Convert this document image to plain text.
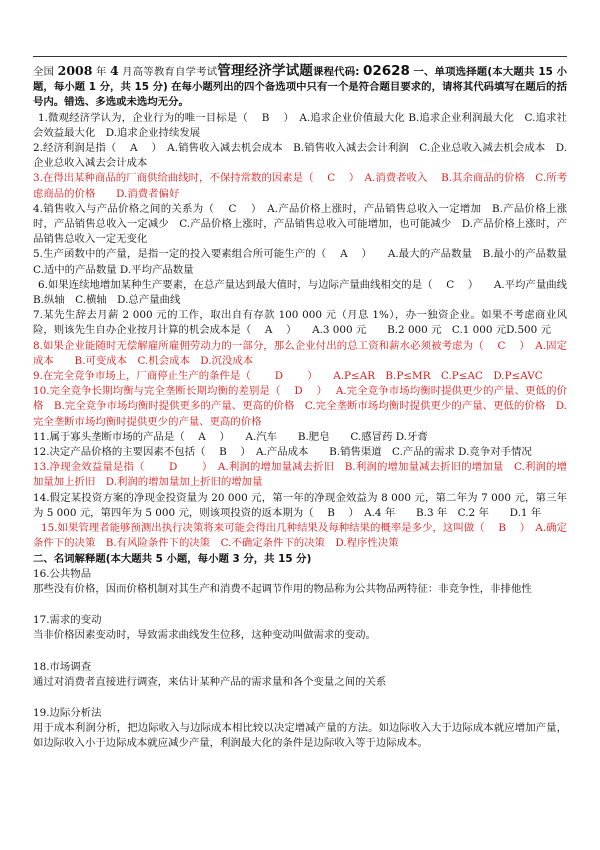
全国 2008 年 4 月高等教育自学考试管理经济学试题课程代码: 02628 一、单项选择题(本大题共 15 小题，每小题 1 分，共 15 分) 在每小题列出的四个备选项中只有一个是符合题目要求的，请将其代码填写在题后的括号内。错选、多选或未选均无分。

1.微观经济学认为，企业行为的唯一目标是（　 B　 ）　A.追求企业价值最大化 B.追求企业利润最大化　C.追求社会效益最大化　D.追求企业持续发展

2.经济利润是指（　 A　 ）　A.销售收入减去机会成本　B.销售收入减去会计利润　C.企业总收入减去机会成本　D.企业总收入减去会计成本

3.在得出某种商品的厂商供给曲线时，不保持常数的因素是（　 C　 ）　A.消费者收入　 B.其余商品的价格　C.所考虑商品的价格　　D.消费者偏好

4.销售收入与产品价格之间的关系为（　 C　 ）　A.产品价格上涨时，产品销售总收入一定增加　B.产品价格上涨时，产品销售总收入一定减少　C.产品价格上涨时，产品销售总收入可能增加，也可能减少　D.产品价格上涨时，产品销售总收入一定无变化

5.生产函数中的产量，是指一定的投入要素组合所可能生产的（　 A　 ）　　A.最大的产品数量　B.最小的产品数量　C.适中的产品数量 D.平均产品数量

6.如果连续地增加某种生产要素，在总产量达到最大值时，与边际产量曲线相交的是（　 C　 ）　　A.平均产量曲线　　B.纵轴　C.横轴　D.总产量曲线

7.某先生辞去月薪 2 000 元的工作，取出自有存款 100 000 元（月息 1%），办一独资企业。如果不考虑商业风险，则该先生自办企业按月计算的机会成本是（　 A　 ）　　A.3 000 元　　B.2 000 元　C.1 000 元D.500 元

8.如果企业能随时无偿解雇所雇佣劳动力的一部分，那么企业付出的总工资和薪水必须被考虑为（　 C　 ）　A.固定成本　　B.可变成本　C.机会成本　D.沉没成本

9.在完全竞争市场上，厂商停止生产的条件是（　　 D　　 ）　　A.P≤AR　B.P≤MR　C.P≤AC　D.P≤AVC

10.完全竞争长期均衡与完全垄断长期均衡的差别是（　 D　 ）　 A.完全竞争市场均衡时提供更少的产量、更低的价格　B.完全竞争市场均衡时提供更多的产量、更高的价格　C.完全垄断市场均衡时提供更少的产量、更低的价格　D.完全垄断市场均衡时提供更少的产量、更高的价格

11.属于寡头垄断市场的产品是（　 A　 ）　　A.汽车　　B.肥皂　　C.感冒药 D.牙膏

12.决定产品价格的主要因素不包括（　 B　 ）　A.产品成本　　B.销售渠道　C.产品的需求 D.竞争对手情况

13.净现金效益量是指（　　 D　　 ）　A.利润的增加量减去折旧　B.利润的增加量减去折旧的增加量　C.利润的增加量加上折旧　D.利润的增加量加上折旧的增加量

14.假定某投资方案的净现金投资量为 20 000 元，第一年的净现金效益为 8 000 元，第二年为 7 000 元，第三年为 5 000 元，第四年为 5 000 元，则该项投资的返本期为（　 B　 ）　A.4 年　　B.3 年　C.2 年　　D.1 年

15.如果管理者能够预测出执行决策将来可能会得出几种结果及每种结果的概率是多少，这叫做（　 B　 ）　A.确定条件下的决策　B.有风险条件下的决策　C.不确定条件下的决策　D.程序性决策

二、名词解释题(本大题共 5 小题，每小题 3 分，共 15 分)

16.公共物品

那些没有价格，因而价格机制对其生产和消费不起调节作用的物品称为公共物品两特征：非竞争性，非排他性

17.需求的变动

当非价格因素变动时，导致需求曲线发生位移，这种变动叫做需求的变动。

18.市场调查

通过对消费者直接进行调查，来估计某种产品的需求量和各个变量之间的关系

19.边际分析法

用于成本利润分析，把边际收入与边际成本相比较以决定增减产量的方法。如边际收入大于边际成本就应增加产量，如边际收入小于边际成本就应减少产量，利润最大化的条件是边际收入等于边际成本。
